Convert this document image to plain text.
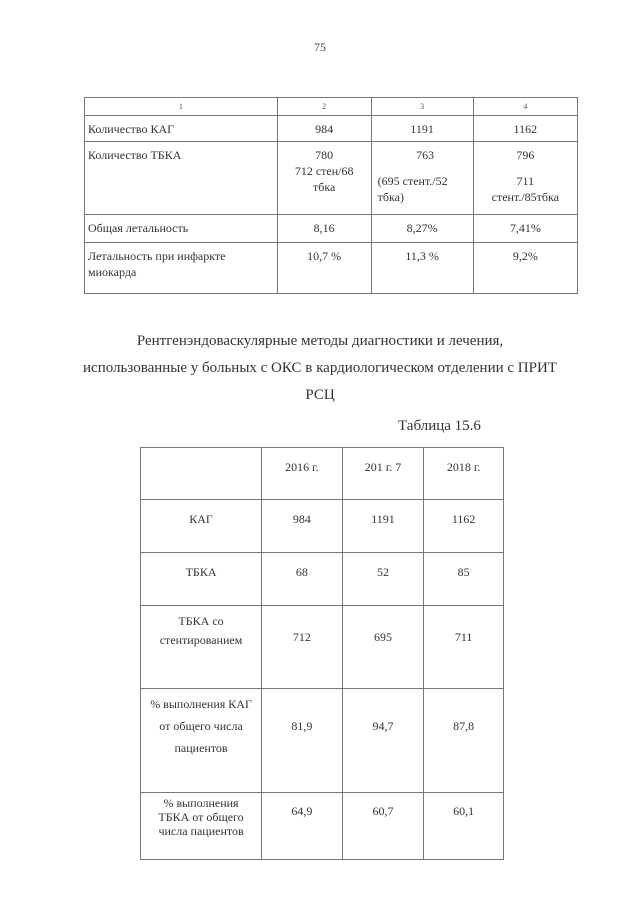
75
1	2	3	4
Количество КАГ	984	1191	1162
Количество ТБКА	780
712 стен/68
тбка	763
(695 стент./52
тбка)	796
711
стент./85тбка

Общая летальность	8,16	8,27%	7,41%

Летальность при инфаркте
миокарда	10,7 %	11,3 %	9,2%
Рентгенэндоваскулярные методы диагностики и лечения,
использованные у больных с ОКС в кардиологическом отделении с ПРИТ
РСЦ
Таблица 15.6
	2016 г.	201 г. 7	2018 г.
КАГ	984	1191	1162
ТБКА	68	52	85

ТБКА со
стентированием	712	695	711

% выполнения КАГ
от общего числа
пациентов	81,9	94,7	87,8

% выполнения
ТБКА от общего
числа пациентов	64,9	60,7	60,1
